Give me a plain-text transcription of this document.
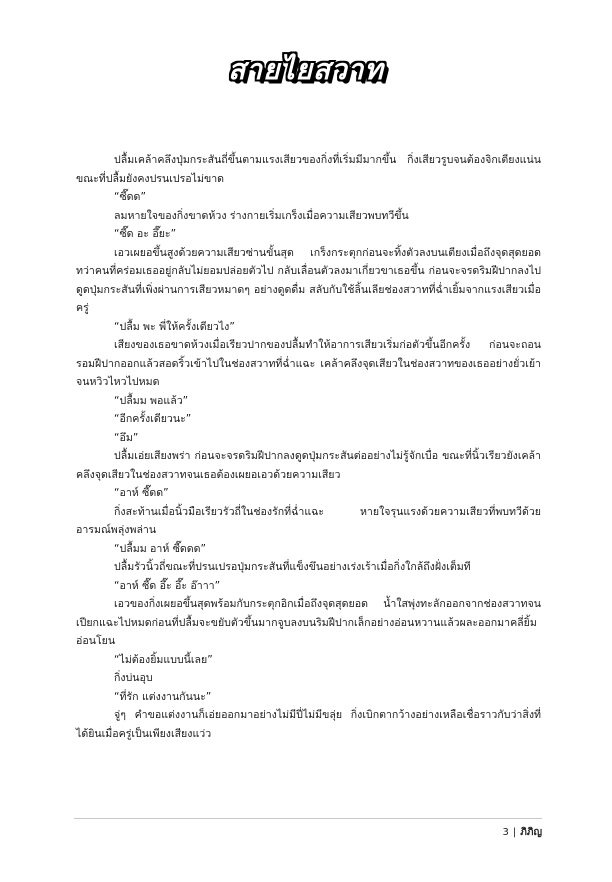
สายไยสวาท

ปลื้มเคล้าคลึงปุ่มกระสันถี่ขึ้นตามแรงเสียวของกิ่งที่เริ่มมีมากขึ้น กิ่งเสียวรูบจนต้องจิกเตียงแน่นขณะที่ปลื้มยังคงปรนเปรอไม่ขาด

“ซี๊ดด”

ลมหายใจของกิ่งขาดห้วง ร่างกายเริ่มเกร็งเมื่อความเสียวพบทวีขึ้น

“ซี๊ด อะ อึ๊ยะ”

เอวเผยอขึ้นสูงด้วยความเสียวซ่านขั้นสุด เกร็งกระตุกก่อนจะทิ้งตัวลงบนเตียงเมื่อถึงจุดสุดยอด ทว่าคนที่คร่อมเธออยู่กลับไม่ยอมปล่อยตัวไป กลับเลื่อนตัวลงมาเกี่ยวขาเธอขึ้น ก่อนจะจรดริมฝีปากลงไปดูดปุ่มกระสันที่เพิ่งผ่านการเสียวหมาดๆ อย่างดูดดื่ม สลับกับใช้ลิ้นเลียช่องสวาทที่ฉ่ำเยิ้มจากแรงเสียวเมื่อครู่

“ปลื้ม พะ พี่ให้ครั้งเดียวไง”

เสียงของเธอขาดห้วงเมื่อเรียวปากของปลื้มทำให้อาการเสียวเริ่มก่อตัวขึ้นอีกครั้ง ก่อนจะถอนรอมฝีปากออกแล้วสอดริ้วเข้าไปในช่องสวาทที่ฉ่ำแฉะ เคล้าคลึงจุดเสียวในช่องสวาทของเธออย่างยั่วเย้าจนหวิวไหวไปหมด

“ปลื้มม พอแล้ว”

“อีกครั้งเดียวนะ”

“อึม”

ปลื้มเอ่ยเสียงพร่า ก่อนจะจรดริมฝีปากลงดูดปุ่มกระสันต่ออย่างไม่รู้จักเบื่อ ขณะที่นิ้วเรียวยังเคล้าคลึงจุดเสียวในช่องสวาทจนเธอต้องเผยอเอวด้วยความเสียว

“อาห์ ซี๊ดด”

กิ่งสะท้านเมื่อนิ้วมือเรียวรัวถี่ในช่องรักที่ฉ่ำแฉะ หายใจรุนแรงด้วยความเสียวที่พบทวีด้วยอารมณ์พลุ่งพล่าน

“ปลื้มม อาห์ ซี๊ดดด”

ปลื้มรัวนิ้วถี่ขณะที่ปรนเปรอปุ่มกระสันที่แข็งขึนอย่างเร่งเร้าเมื่อกิ่งใกล้ถึงฝั่งเต็มที

“อาห์ ซี๊ด อึ๊ะ อึ๊ะ อ๊าาา”

เอวของกิ่งเผยอขึ้นสุดพร้อมกับกระตุกอิกเมื่อถึงจุดสุดยอด น้ำใสพุ่งทะลักออกจากช่องสวาทจนเปียกแฉะไปหมดก่อนที่ปลื้มจะขยับตัวขึ้นมากจูบลงบนริมฝีปากเล็กอย่างอ่อนหวานแล้วผละออกมาคลี่ยิ้มอ่อนโยน

“ไม่ต้องยิ้มแบบนี้เลย”

กิ่งบ่นอุบ

“ที่รัก แต่งงานกันนะ”

จู่ๆ คำขอแต่งงานก็เอ่ยออกมาอย่างไม่มีปี่ไม่มีขลุ่ย กิ่งเบิกตากว้างอย่างเหลือเชื่อราวกับว่าสิ่งที่ได้ยินเมื่อครู่เป็นเพียงเสียงแว่ว

3 | ภิภิญ
